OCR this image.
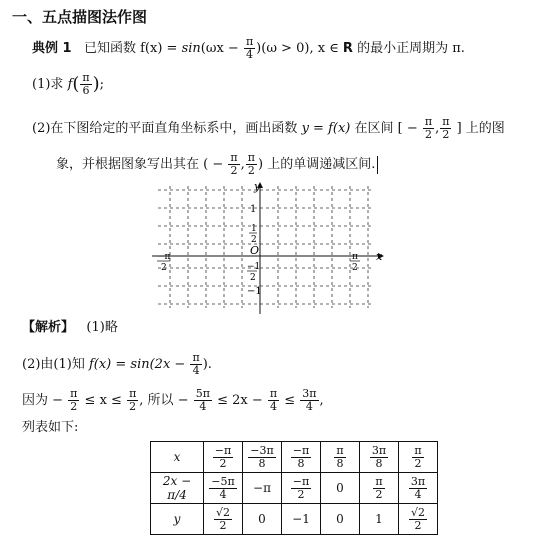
一、五点描图法作图
典例 1 已知函数 $f(x) = \sin(\omega x - \frac{\pi}{4} )(\omega > 0)$, x ∈ R 的最小正周期为 π.
(1)求 $f( \frac{\pi}{6}$ );
(2)在下图给定的平面直角坐标系中，画出函数 y = f(x) 在区间 [ − $\frac{\pi}{2}$ , $\frac{\pi}{2}$ ] 上的图
象，并根据图象写出其在 ( − $\frac{\pi}{2}$ , $\frac{\pi}{2}$ ) 上的单调递减区间.
x
y
O
1
1
2
−1
2
−1
−π
2
π
2
【解析】 (1)略
(2)由(1)知 $f(x) = \sin(2x - \frac{\pi}{4}$ ).
因为 − $\frac{\pi}{2} \le x \le \frac{\pi}{2}$ , 所以 − $\frac{5\pi}{4} \le 2x - \frac{\pi}{4} \le \frac{3\pi}{4}$ ,
列表如下:
x	$\frac{-\pi}{2}$	$\frac{-3\pi}{8}$	$\frac{-\pi}{8}$	$\frac{\pi}{8}$	$\frac{3\pi}{8}$	$\frac{\pi}{2}$

2x − π/4	$\frac{-5\pi}{4}$	−π	$\frac{-\pi}{2}$	0	$\frac{\pi}{2}$	$\frac{3\pi}{4}$

y	$\frac{√2}{2}$	0	−1	0	1	$\frac{√2}{2}$
